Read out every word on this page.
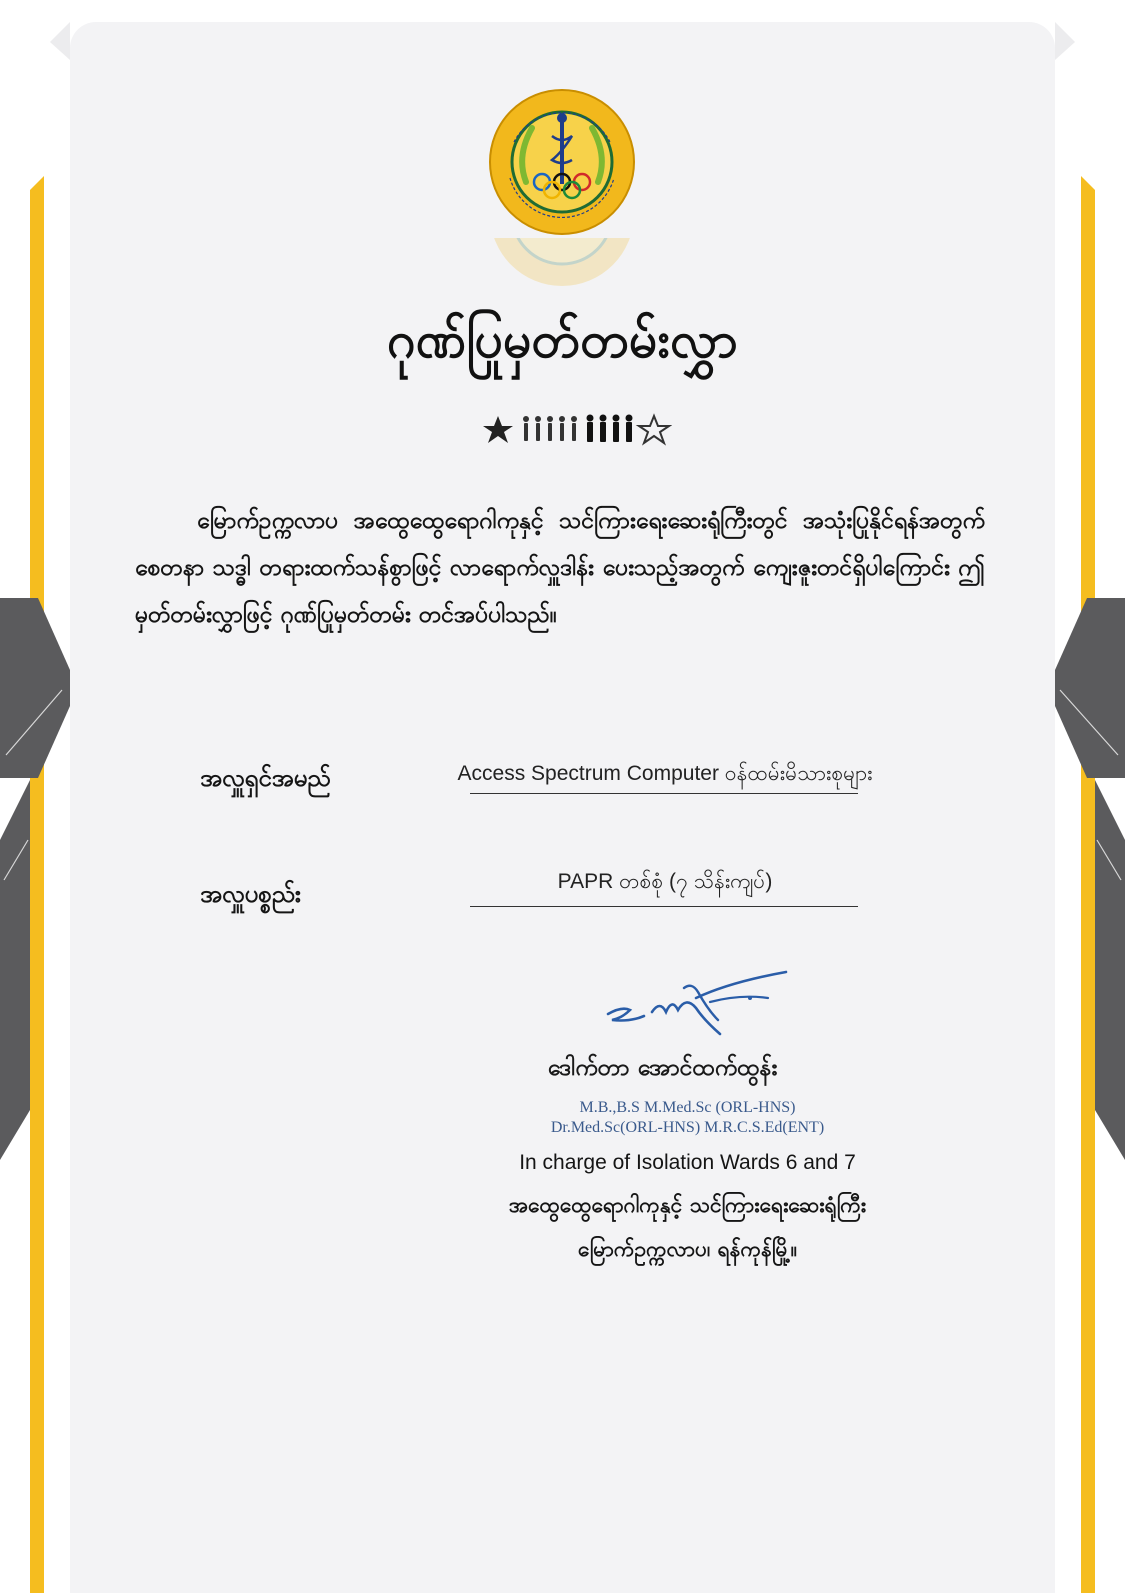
ဂုဏ်ပြုမှတ်တမ်းလွှာ
မြောက်ဥက္ကလာပ အထွေထွေရောဂါကုနှင့် သင်ကြားရေးဆေးရုံကြီးတွင် အသုံးပြုနိုင်ရန်အတွက် စေတနာ သဒ္ဓါ တရားထက်သန်စွာဖြင့် လာရောက်လှူဒါန်း ပေးသည့်အတွက် ကျေးဇူးတင်ရှိပါကြောင်း ဤမှတ်တမ်းလွှာဖြင့် ဂုဏ်ပြုမှတ်တမ်း တင်အပ်ပါသည်။
အလှူရှင်အမည်	Access Spectrum Computer ဝန်ထမ်းမိသားစုများ
အလှူပစ္စည်း	PAPR တစ်စုံ (၇ သိန်းကျပ်)
ဒေါက်တာ အောင်ထက်ထွန်း
M.B.,B.S M.Med.Sc (ORL-HNS)
Dr.Med.Sc(ORL-HNS) M.R.C.S.Ed(ENT)
In charge of Isolation Wards 6 and 7
အထွေထွေရောဂါကုနှင့် သင်ကြားရေးဆေးရုံကြီး
မြောက်ဥက္ကလာပ၊ ရန်ကုန်မြို့။
